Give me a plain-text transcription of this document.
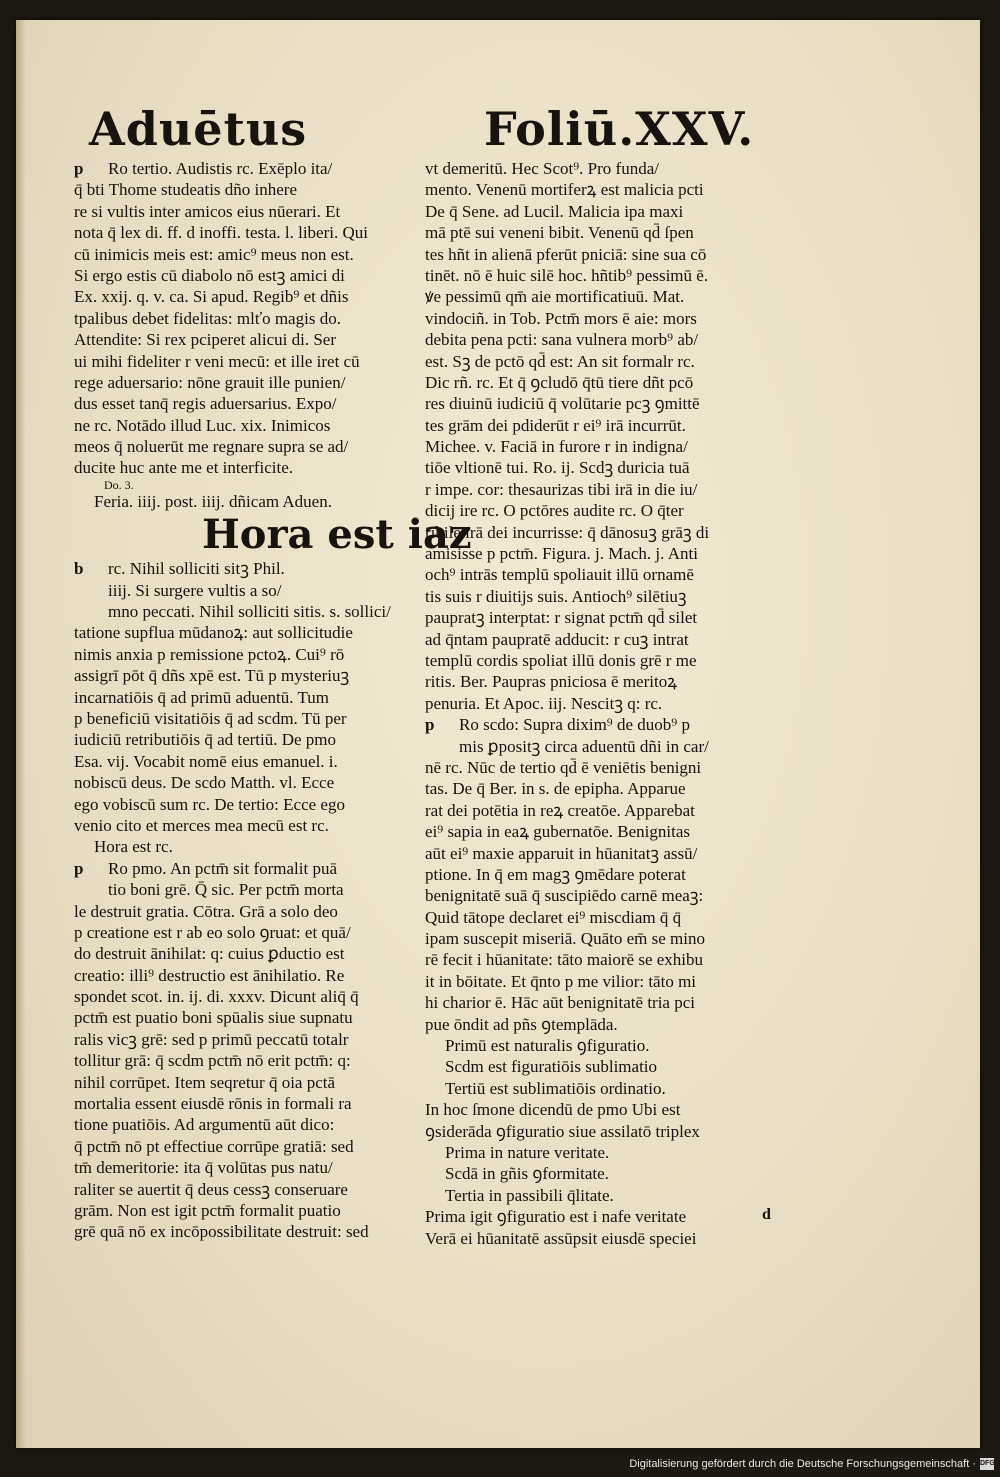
Aduētus	Foliū.XXV.
p Ro tertio. Audistis rc. Exēplo ita/
q̄ bti Thome studeatis dño inhere
re si vultis inter amicos eius nūerari. Et
nota q̄ lex di. ff. d inoffi. testa. l. liberi. Qui
cū inimicis meis est: amic⁹ meus non est.
Si ergo estis cū diabolo nō estꝫ amici di
Ex. xxij. q. v. ca. Si apud. Regib⁹ et dñis
tpalibus debet fidelitas: mlťo magis do.
Attendite: Si rex pciperet alicui di. Ser
ui mihi fideliter r veni mecū: et ille iret cū
rege aduersario: nōne grauit ille punien/
dus esset tanq̄ regis aduersarius. Expo/
ne rc. Notādo illud Luc. xix. Inimicos
meos q̄ noluerūt me regnare supra se ad/
ducite huc ante me et interficite.
Do. 3.
Feria. iiij. post. iiij. dñicam Aduen.
Hora est iaz
b rc. Nihil solliciti sitꝫ Phil.
iiij. Si surgere vultis a so/
mno peccati. Nihil solliciti sitis. s. sollici/
tatione supflua mūdanoꝝ: aut sollicitudie
nimis anxia p remissione pctoꝝ. Cui⁹ rō
assigrī pōt q̄ dñs xpē est. Tū p mysteriuꝫ
incarnatiōis q̄ ad primū aduentū. Tum
p beneficiū visitatiōis q̄ ad scdm. Tū per
iudiciū retributiōis q̄ ad tertiū. De pmo
Esa. vij. Vocabit nomē eius emanuel. i.
nobiscū deus. De scdo Matth. vl. Ecce
ego vobiscū sum rc. De tertio: Ecce ego
venio cito et merces mea mecū est rc.
Hora est rc.
p Ro pmo. An pctm̄ sit formalit puā
tio boni grē. Q̄ sic. Per pctm̄ morta
le destruit gratia. Cōtra. Grā a solo deo
p creatione est r ab eo solo ꝯruat: et quā/
do destruit ānihilat: q: cuius ꝑductio est
creatio: illi⁹ destructio est ānihilatio. Re
spondet scot. in. ij. di. xxxv. Dicunt aliq̄ q̄
pctm̄ est puatio boni spūalis siue supnatu
ralis vicꝫ grē: sed p primū peccatū totalr
tollitur grā: q̄ scdm pctm̄ nō erit pctm̄: q:
nihil corrūpet. Item seqretur q̄ oia pctā
mortalia essent eiusdē rōnis in formali ra
tione puatiōis. Ad argumentū aūt dico:
q̄ pctm̄ nō pt effectiue corrūpe gratiā: sed
tm̄ demeritorie: ita q̄ volūtas pus natu/
raliter se auertit q̄ deus cessꝫ conseruare
grām. Non est igit pctm̄ formalit puatio
grē quā nō ex incōpossibilitate destruit: sed
vt demeritū. Hec Scot⁹. Pro funda/
mento. Venenū mortiferꝝ est malicia pcti
De q̄ Sene. ad Lucil. Malicia ipa maxi
mā ptē sui veneni bibit. Venenū qd̄ ſpen
tes hñt in alienā pferūt pniciā: sine sua cō
tinēt. nō ē huic silē hoc. hñtib⁹ pessimū ē.
ꝟe pessimū qm̄ aie mortificatiuū. Mat.
vindociñ. in Tob. Pctm̄ mors ē aie: mors
debita pena pcti: sana vulnera morb⁹ ab/
est. Sꝫ de pctō qd̄ est: An sit formalr rc.
Dic rñ. rc. Et q̄ ꝯcludō q̄tū tiere dñt pcō
res diuinū iudiciū q̄ volūtarie pcꝫ ꝯmittē
tes grām dei pdiderūt r ei⁹ irā incurrūt.
Michee. v. Faciā in furore r in indigna/
tiōe vltionē tui. Ro. ij. Scdꝫ duricia tuā
r impe. cor: thesaurizas tibi irā in die iu/
dicij ire rc. O pctōres audite rc. O q̄ter
ribile irā dei incurrisse: q̄ dānosuꝫ grāꝫ di
amisisse p pctm̄. Figura. j. Mach. j. Anti
och⁹ intrās templū spoliauit illū ornamē
tis suis r diuitijs suis. Antioch⁹ silētiuꝫ
paupratꝫ interptat: r signat pctm̄ qd̄ silet
ad q̄ntam paupratē adducit: r cuꝫ intrat
templū cordis spoliat illū donis grē r me
ritis. Ber. Paupras pniciosa ē meritoꝝ
penuria. Et Apoc. iij. Nescitꝫ q: rc.
p Ro scdo: Supra dixim⁹ de duob⁹ p
mis ꝑpositꝫ circa aduentū dñi in car/
nē rc. Nūc de tertio qd̄ ē veniētis benigni
tas. De q̄ Ber. in s. de epipha. Apparue
rat dei potētia in reꝝ creatōe. Apparebat
ei⁹ sapia in eaꝝ gubernatōe. Benignitas
aūt ei⁹ maxie apparuit in hūanitatꝫ assū/
ptione. In q̄ em magꝫ ꝯmēdare poterat
benignitatē suā q̄ suscipiēdo carnē meaꝫ:
Quid tātope declaret ei⁹ miscdiam q̄ q̄
ipam suscepit miseriā. Quāto em̄ se mino
rē fecit i hūanitate: tāto maiorē se exhibu
it in bōitate. Et q̄nto p me vilior: tāto mi
hi charior ē. Hāc aūt benignitatē tria pci
pue ōndit ad pñs ꝯtemplāda.
Primū est naturalis ꝯfiguratio.
Scdm est figuratiōis sublimatio
Tertiū est sublimatiōis ordinatio.
In hoc ſmone dicendū de pmo Ubi est
ꝯsiderāda ꝯfiguratio siue assilatō triplex
Prima in nature veritate.
Scdā in gñis ꝯformitate.
Tertia in passibili q̄litate.
Prima igit ꝯfiguratio est i nafe veritate
Verā ei hūanitatē assūpsit eiusdē speciei
d
Digitalisierung gefördert durch die Deutsche Forschungsgemeinschaft · DFG
